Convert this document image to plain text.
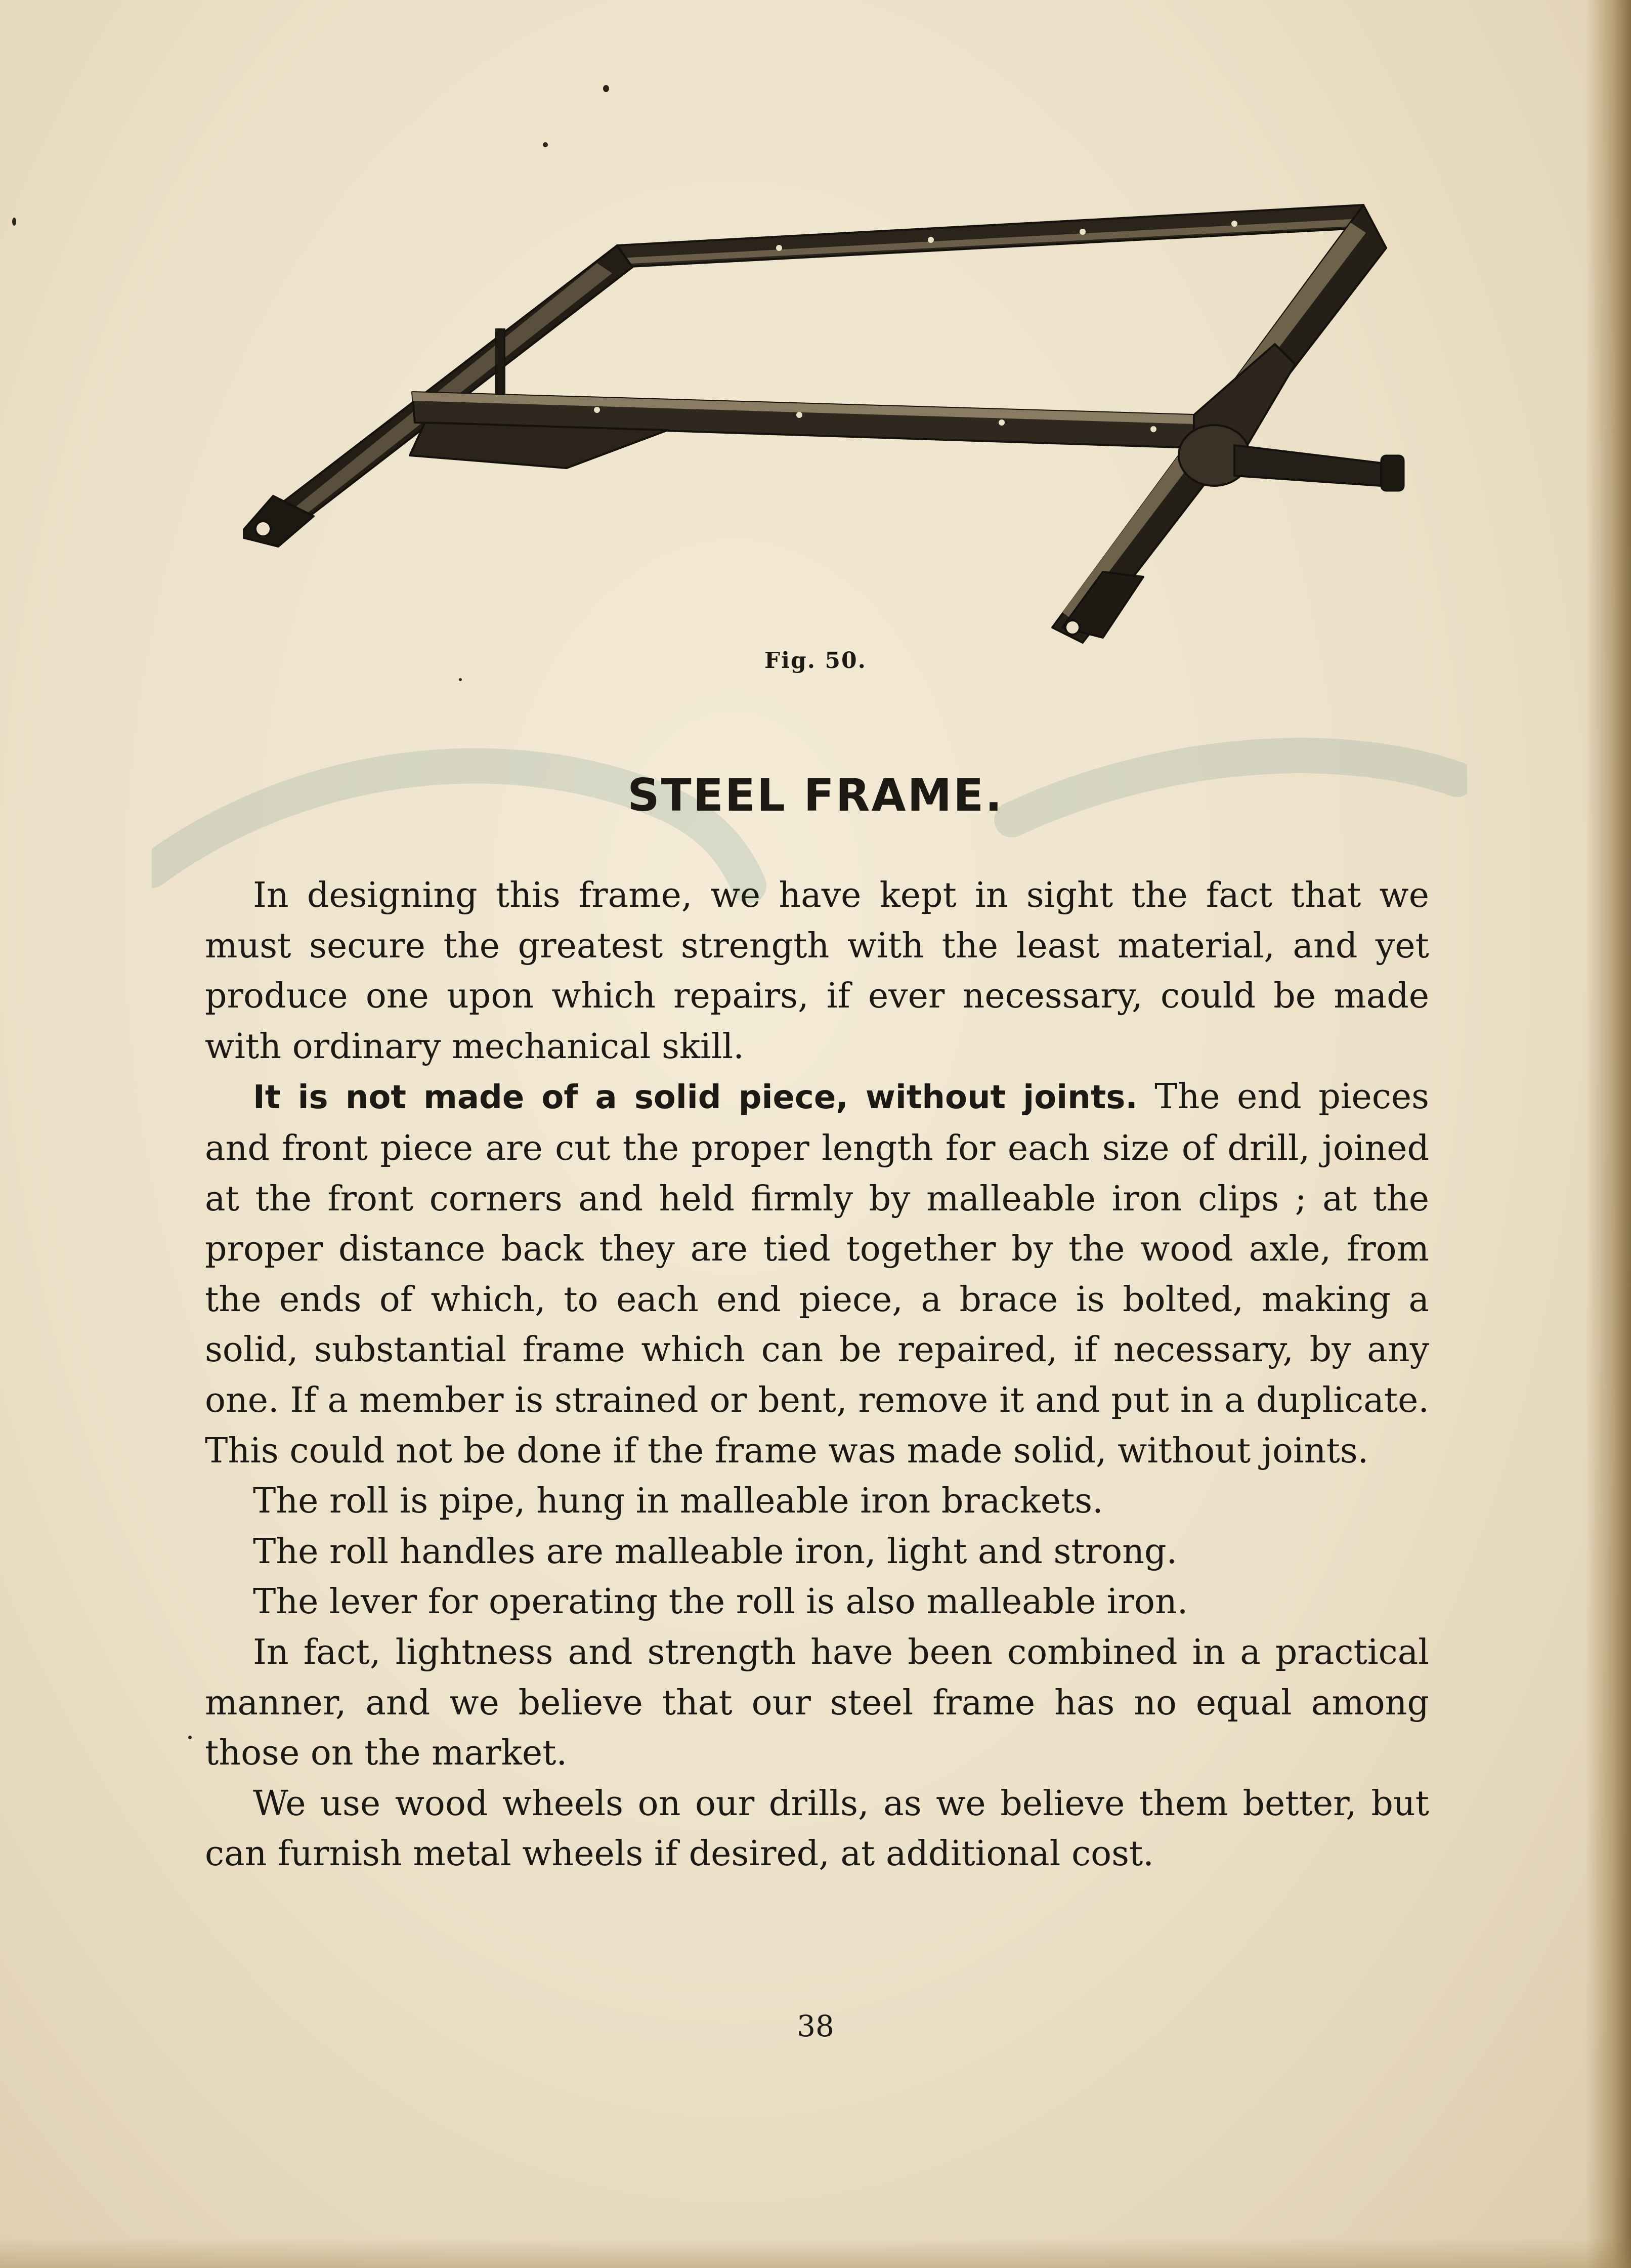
Fig. 50.
STEEL FRAME.

In designing this frame, we have kept in sight the fact that we must secure the greatest strength with the least material, and yet produce one upon which repairs, if ever necessary, could be made with ordinary mechanical skill.

It is not made of a solid piece, without joints. The end pieces and front piece are cut the proper length for each size of drill, joined at the front corners and held firmly by malleable iron clips ; at the proper distance back they are tied together by the wood axle, from the ends of which, to each end piece, a brace is bolted, making a solid, substantial frame which can be repaired, if necessary, by any one. If a member is strained or bent, remove it and put in a duplicate. This could not be done if the frame was made solid, without joints.

The roll is pipe, hung in malleable iron brackets.

The roll handles are malleable iron, light and strong.

The lever for operating the roll is also malleable iron.

In fact, lightness and strength have been combined in a practical manner, and we believe that our steel frame has no equal among those on the market.

We use wood wheels on our drills, as we believe them better, but can furnish metal wheels if desired, at additional cost.

38
